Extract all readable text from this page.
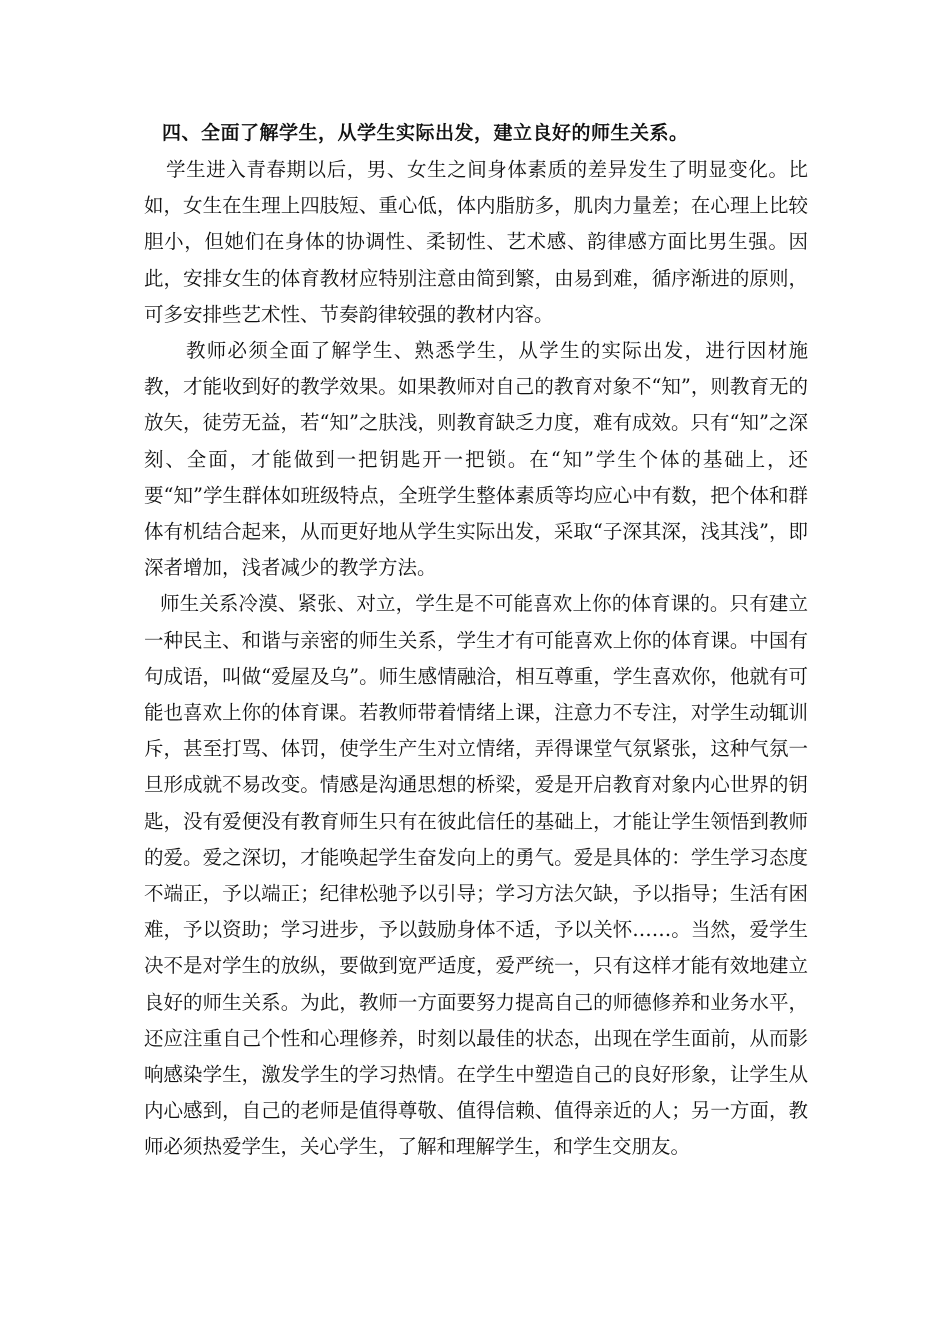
四、全面了解学生，从学生实际出发，建立良好的师生关系。

学生进入青春期以后，男、女生之间身体素质的差异发生了明显变化。比如，女生在生理上四肢短、重心低，体内脂肪多，肌肉力量差；在心理上比较胆小，但她们在身体的协调性、柔韧性、艺术感、韵律感方面比男生强。因此，安排女生的体育教材应特别注意由简到繁，由易到难，循序渐进的原则，可多安排些艺术性、节奏韵律较强的教材内容。

教师必须全面了解学生、熟悉学生，从学生的实际出发，进行因材施教，才能收到好的教学效果。如果教师对自己的教育对象不“知”，则教育无的放矢，徒劳无益，若“知”之肤浅，则教育缺乏力度，难有成效。只有“知”之深刻、全面，才能做到一把钥匙开一把锁。在“知”学生个体的基础上，还要“知”学生群体如班级特点，全班学生整体素质等均应心中有数，把个体和群体有机结合起来，从而更好地从学生实际出发，采取“子深其深，浅其浅”，即深者增加，浅者减少的教学方法。

师生关系冷漠、紧张、对立，学生是不可能喜欢上你的体育课的。只有建立一种民主、和谐与亲密的师生关系，学生才有可能喜欢上你的体育课。中国有句成语，叫做“爱屋及乌”。师生感情融洽，相互尊重，学生喜欢你，他就有可能也喜欢上你的体育课。若教师带着情绪上课，注意力不专注，对学生动辄训斥，甚至打骂、体罚，使学生产生对立情绪，弄得课堂气氛紧张，这种气氛一旦形成就不易改变。情感是沟通思想的桥梁，爱是开启教育对象内心世界的钥匙，没有爱便没有教育师生只有在彼此信任的基础上，才能让学生领悟到教师的爱。爱之深切，才能唤起学生奋发向上的勇气。爱是具体的：学生学习态度不端正，予以端正；纪律松驰予以引导；学习方法欠缺，予以指导；生活有困难，予以资助；学习进步，予以鼓励身体不适，予以关怀……。当然，爱学生决不是对学生的放纵，要做到宽严适度，爱严统一，只有这样才能有效地建立良好的师生关系。为此，教师一方面要努力提高自己的师德修养和业务水平，还应注重自己个性和心理修养，时刻以最佳的状态，出现在学生面前，从而影响感染学生，激发学生的学习热情。在学生中塑造自己的良好形象，让学生从内心感到，自己的老师是值得尊敬、值得信赖、值得亲近的人；另一方面，教师必须热爱学生，关心学生，了解和理解学生，和学生交朋友。
